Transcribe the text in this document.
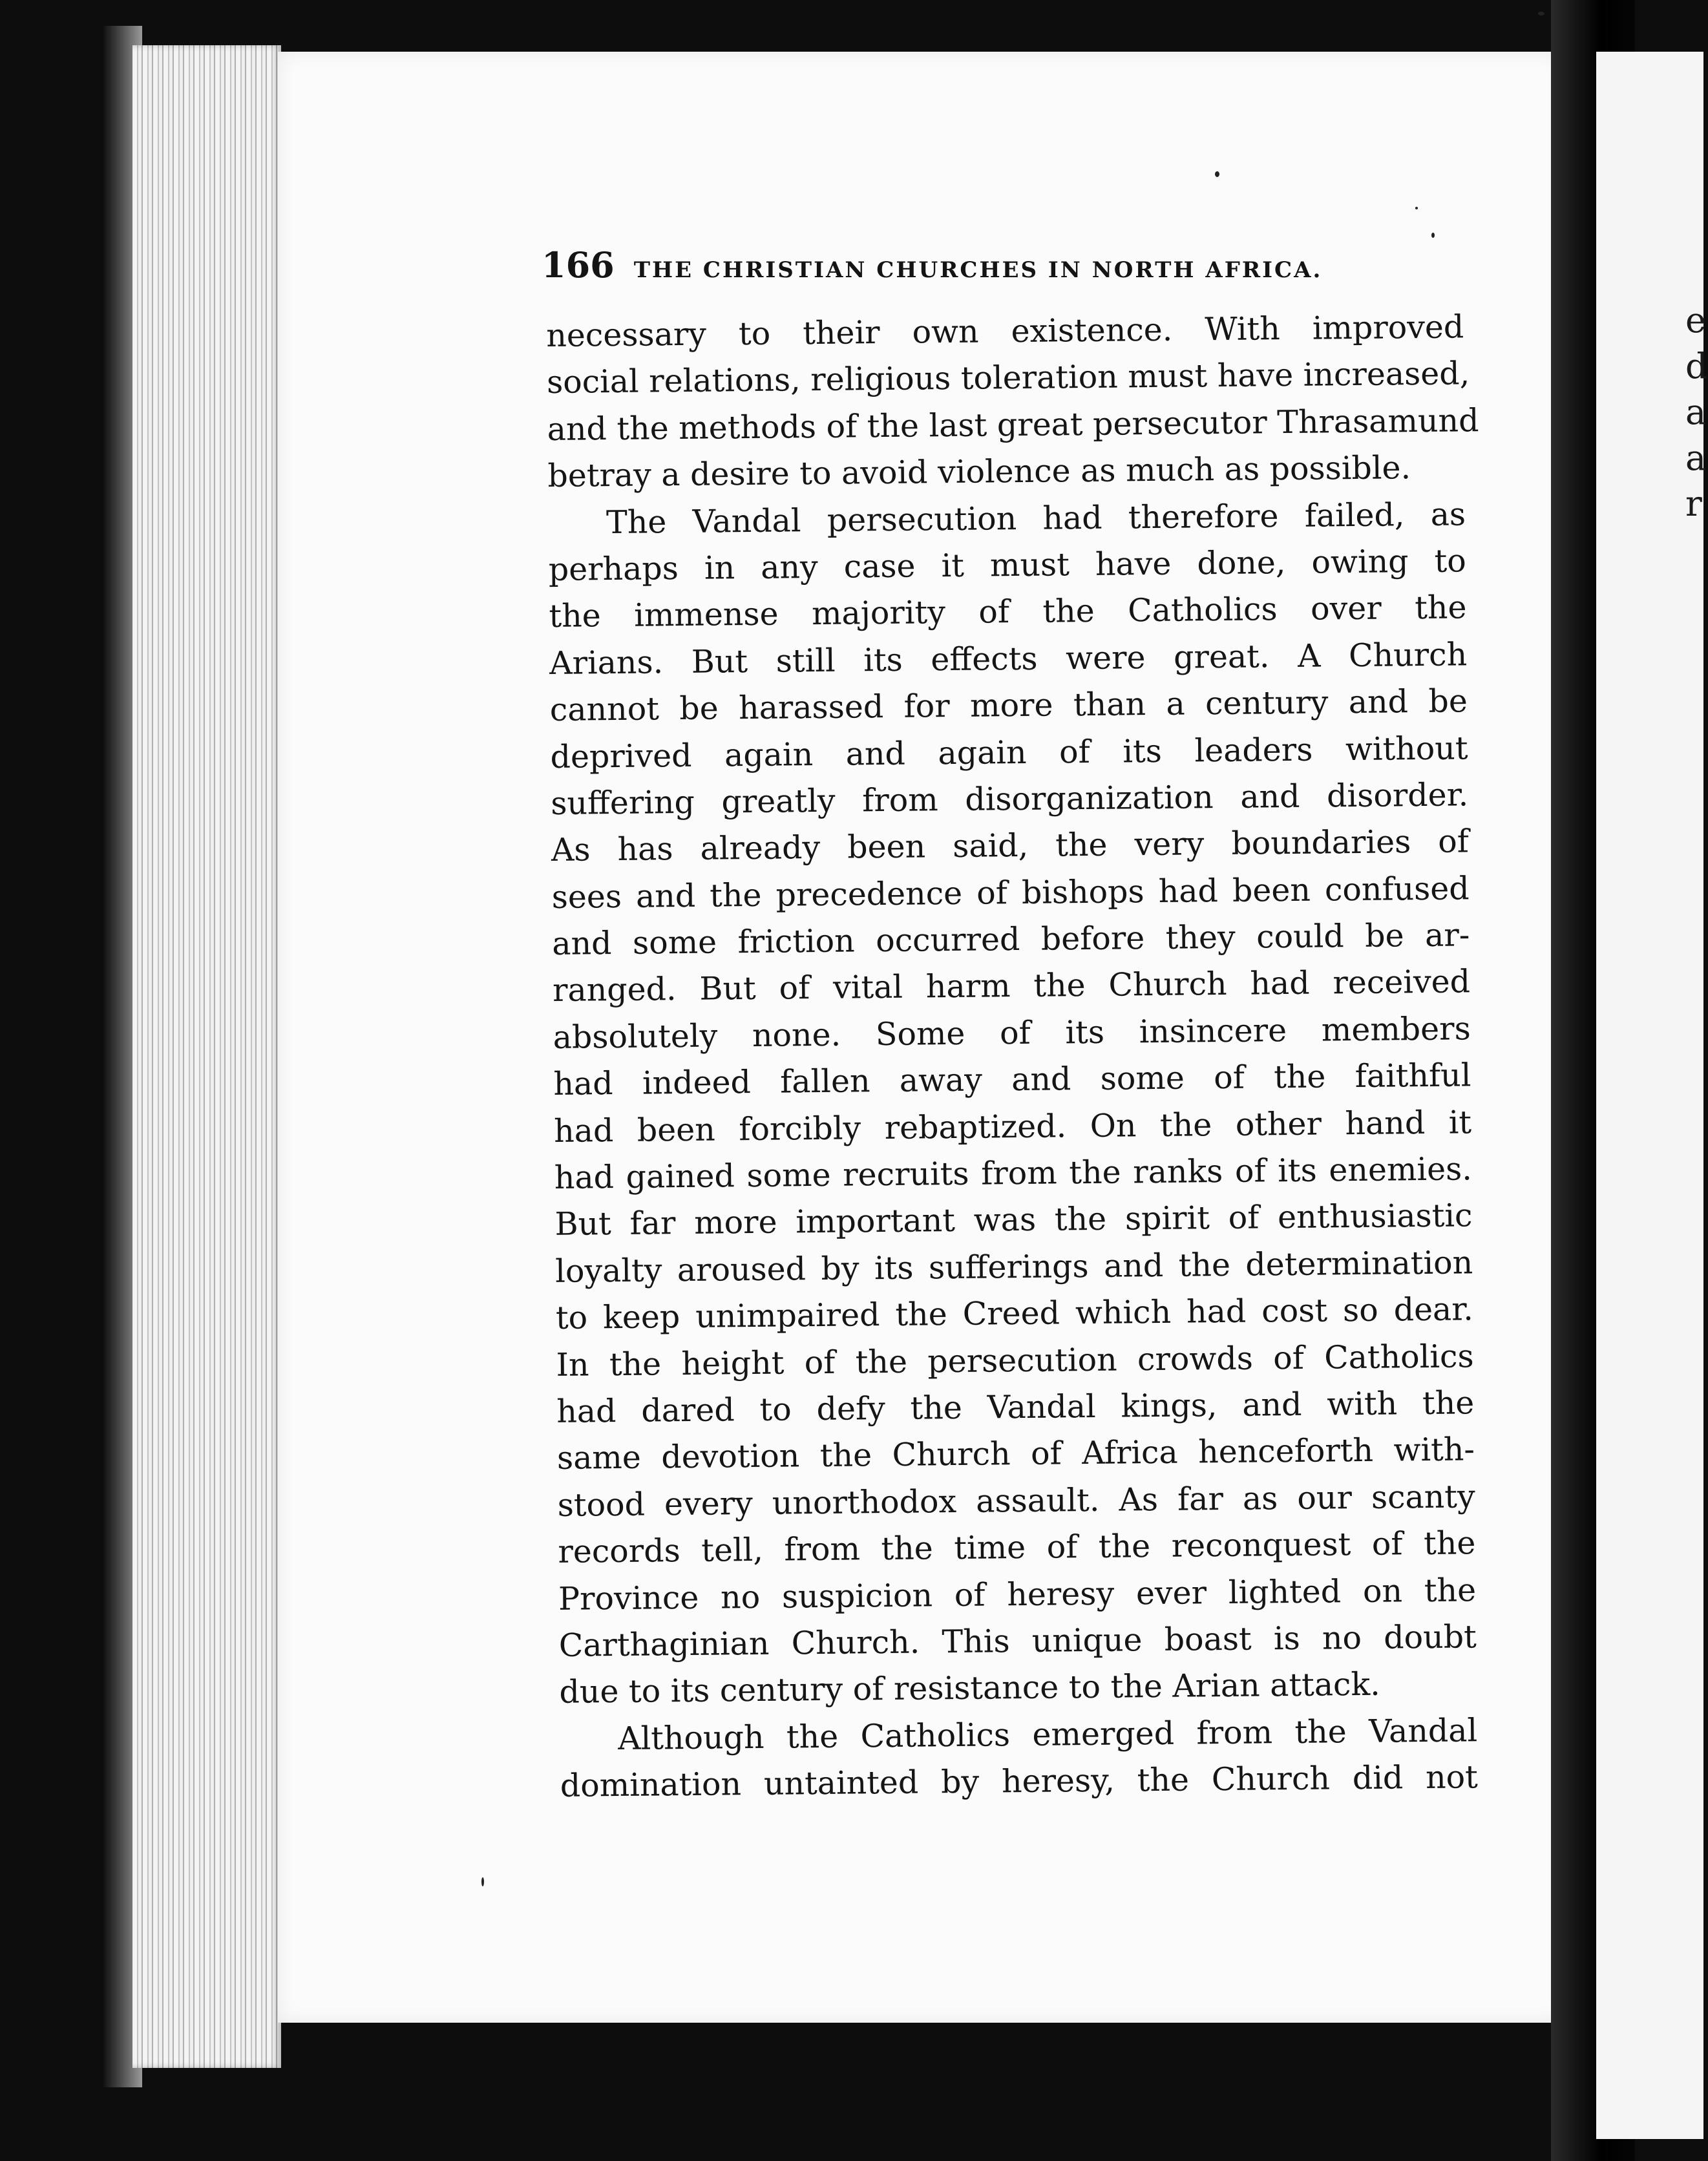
e
d
a
a
r
166 THE CHRISTIAN CHURCHES IN NORTH AFRICA.
necessary to their own existence. With improved
social relations, religious toleration must have increased,
and the methods of the last great persecutor Thrasamund
betray a desire to avoid violence as much as possible.
The Vandal persecution had therefore failed, as
perhaps in any case it must have done, owing to
the immense majority of the Catholics over the
Arians. But still its effects were great. A Church
cannot be harassed for more than a century and be
deprived again and again of its leaders without
suffering greatly from disorganization and disorder.
As has already been said, the very boundaries of
sees and the precedence of bishops had been confused
and some friction occurred before they could be ar-
ranged. But of vital harm the Church had received
absolutely none. Some of its insincere members
had indeed fallen away and some of the faithful
had been forcibly rebaptized. On the other hand it
had gained some recruits from the ranks of its enemies.
But far more important was the spirit of enthusiastic
loyalty aroused by its sufferings and the determination
to keep unimpaired the Creed which had cost so dear.
In the height of the persecution crowds of Catholics
had dared to defy the Vandal kings, and with the
same devotion the Church of Africa henceforth with-
stood every unorthodox assault. As far as our scanty
records tell, from the time of the reconquest of the
Province no suspicion of heresy ever lighted on the
Carthaginian Church. This unique boast is no doubt
due to its century of resistance to the Arian attack.
Although the Catholics emerged from the Vandal
domination untainted by heresy, the Church did not
